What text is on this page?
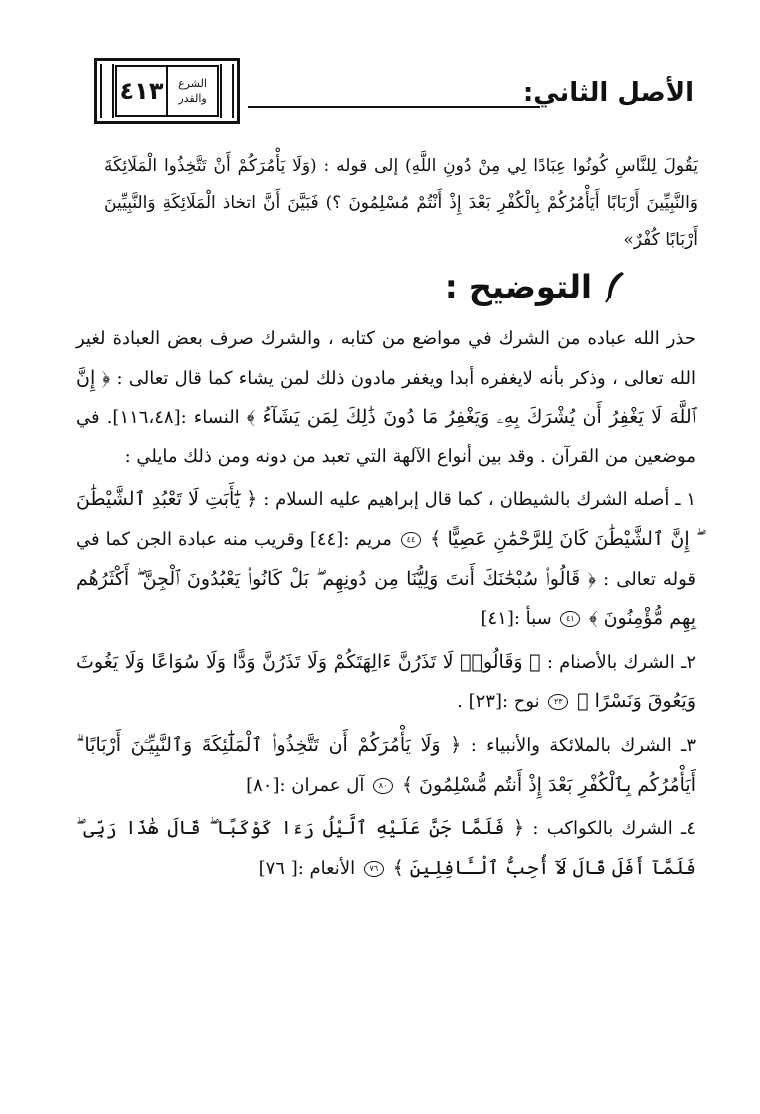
٤١٣	الشرع
والقدر	الأصل الثاني:
يَقُولَ لِلنَّاسِ كُونُوا عِبَادًا لِي مِنْ دُونِ اللَّهِ) إلى قوله : (وَلَا يَأْمُرَكُمْ أَنْ تَتَّخِذُوا الْمَلَائِكَةَ وَالنَّبِيِّينَ أَرْبَابًا أَيَأْمُرُكُمْ بِالْكُفْرِ بَعْدَ إِذْ أَنْتُمْ مُسْلِمُونَ ؟) فَبَيَّنَ أَنَّ اتخاذ الْمَلَائِكَةِ وَالنَّبِيِّينَ أَرْبَابًا كُفْرٌ»
التوضيح :

حذر الله عباده من الشرك في مواضع من كتابه ، والشرك صرف بعض العبادة لغير الله تعالى ، وذكر بأنه لايغفره أبدا ويغفر مادون ذلك لمن يشاء كما قال تعالى : ﴿ إِنَّ ٱللَّهَ لَا يَغْفِرُ أَن يُشْرَكَ بِهِۦ وَيَغْفِرُ مَا دُونَ ذَٰلِكَ لِمَن يَشَآءُ ﴾ النساء :[١١٦،٤٨]. في موضعين من القرآن . وقد بين أنواع الآلهة التي تعبد من دونه ومن ذلك مايلي :

١ ـ أصله الشرك بالشيطان ، كما قال إبراهيم عليه السلام : ﴿ يَٰٓأَبَتِ لَا تَعْبُدِ ٱلشَّيْطَٰنَ ۖ إِنَّ ٱلشَّيْطَٰنَ كَانَ لِلرَّحْمَٰنِ عَصِيًّا ﴾ ٤٤ مريم :[٤٤] وقريب منه عبادة الجن كما في قوله تعالى : ﴿ قَالُوا۟ سُبْحَٰنَكَ أَنتَ وَلِيُّنَا مِن دُونِهِم ۖ بَلْ كَانُوا۟ يَعْبُدُونَ ٱلْجِنَّ ۖ أَكْثَرُهُم بِهِم مُّؤْمِنُونَ ﴾ ٤١ سبأ :[٤١]

٢ـ الشرك بالأصنام : ﴿ وَقَالُوا۟ لَا تَذَرُنَّ ءَالِهَتَكُمْ وَلَا تَذَرُنَّ وَدًّا وَلَا سُوَاعًا وَلَا يَغُوثَ وَيَعُوقَ وَنَسْرًا ﴾ ٢٣ نوح :[٢٣] .

٣ـ الشرك بالملائكة والأنبياء : ﴿ وَلَا يَأْمُرَكُمْ أَن تَتَّخِذُوا۟ ٱلْمَلَٰٓئِكَةَ وَٱلنَّبِيِّـۧنَ أَرْبَابًا ۗ أَيَأْمُرُكُم بِٱلْكُفْرِ بَعْدَ إِذْ أَنتُم مُّسْلِمُونَ ﴾ ٨٠ آل عمران :[٨٠]

٤ـ الشرك بالكواكب : ﴿ فَلَمَّا جَنَّ عَلَيْهِ ٱلَّيْلُ رَءَا كَوْكَبًا ۖ قَالَ هَٰذَا رَبِّى ۖ فَلَمَّآ أَفَلَ قَالَ لَآ أُحِبُّ ٱلْـَٔافِلِينَ ﴾ ٧٦ الأنعام :[ ٧٦]
